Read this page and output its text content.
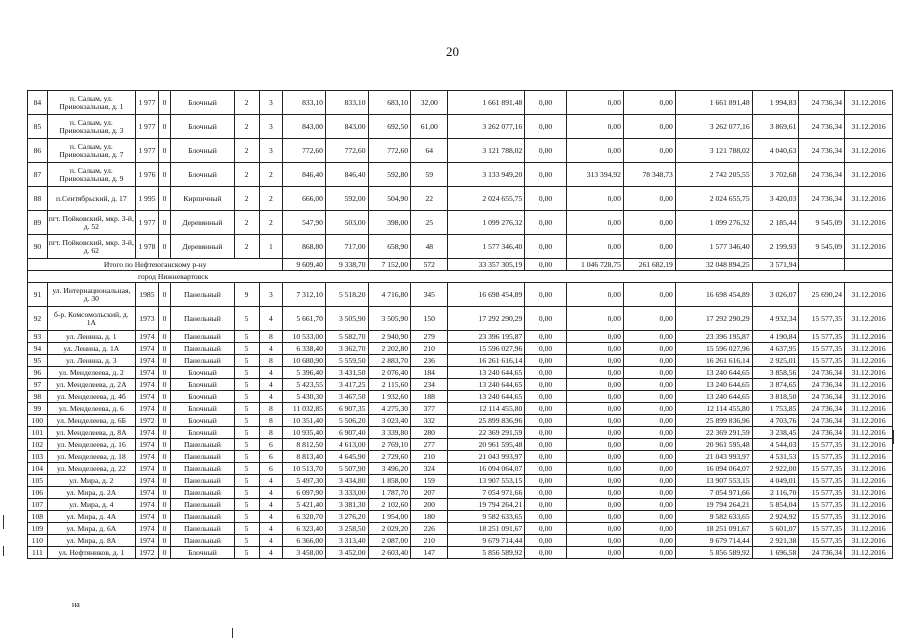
20
84	п. Салым, ул. Привокзальная, д. 1	1 977	0	Блочный	2	3	833,10	833,10	683,10	32,00	1 661 891,48	0,00	0,00	0,00	1 661 891,48	1 994,83	24 736,34	31.12.2016
85	п. Салым, ул. Привокзальная, д. 3	1 977	0	Блочный	2	3	843,00	843,00	692,50	61,00	3 262 077,16	0,00	0,00	0,00	3 262 077,16	3 869,61	24 736,34	31.12.2016
86	п. Салым, ул. Привокзальная, д. 7	1 977	0	Блочный	2	3	772,60	772,60	772,60	64	3 121 788,02	0,00	0,00	0,00	3 121 788,02	4 040,63	24 736,34	31.12.2016
87	п. Салым, ул. Привокзальная, д. 9	1 976	0	Блочный	2	2	846,40	846,40	592,80	59	3 133 949,20	0,00	313 394,92	78 348,73	2 742 205,55	3 702,68	24 736,34	31.12.2016
88	п.Сентябрьский, д. 17	1 995	0	Кирпичный	2	2	666,00	592,00	504,90	22	2 024 655,75	0,00	0,00	0,00	2 024 655,75	3 420,03	24 736,34	31.12.2016
89	пгт. Пойковский, мкр. 3-й, д. 52	1 977	0	Деревянный	2	2	547,90	503,00	398,00	25	1 099 276,32	0,00	0,00	0,00	1 099 276,32	2 185,44	9 545,09	31.12.2016
90	пгт. Пойковский, мкр. 3-й, д. 62	1 978	0	Деревянный	2	1	868,80	717,00	658,90	48	1 577 346,40	0,00	0,00	0,00	1 577 346,40	2 199,93	9 545,09	31.12.2016
Итого по Нефтеюганскому р-ну							9 609,40	9 338,70	7 152,00	572	33 357 305,19	0,00	1 046 728,75	261 682,19	32 048 894,25	3 571,94		
город Нижневартовск																		
91	ул. Интернациональная, д. 30	1985	0	Панельный	9	3	7 312,10	5 518,20	4 716,80	345	16 698 454,89	0,00	0,00	0,00	16 698 454,89	3 026,07	25 690,24	31.12.2016
92	б-р. Комсомольский, д. 1А	1973	0	Панельный	5	4	5 661,70	3 505,90	3 505,90	150	17 292 290,29	0,00	0,00	0,00	17 292 290,29	4 932,34	15 577,35	31.12.2016
93	ул. Ленина, д. 1	1974	0	Панельный	5	8	10 533,00	5 582,70	2 940,90	279	23 396 195,87	0,00	0,00	0,00	23 396 195,87	4 190,84	15 577,35	31.12.2016
94	ул. Ленина, д. 1А	1974	0	Панельный	5	4	6 338,40	3 362,70	2 202,80	210	15 596 027,96	0,00	0,00	0,00	15 596 027,96	4 637,95	15 577,35	31.12.2016
95	ул. Ленина, д. 3	1974	0	Панельный	5	8	10 680,90	5 559,50	2 883,70	236	16 261 616,14	0,00	0,00	0,00	16 261 616,14	2 925,01	15 577,35	31.12.2016
96	ул. Менделеева, д. 2	1974	0	Блочный	5	4	5 396,40	3 431,50	2 076,40	184	13 240 644,65	0,00	0,00	0,00	13 240 644,65	3 858,56	24 736,34	31.12.2016
97	ул. Менделеева, д. 2А	1974	0	Блочный	5	4	5 423,55	3 417,25	2 115,60	234	13 240 644,65	0,00	0,00	0,00	13 240 644,65	3 874,65	24 736,34	31.12.2016
98	ул. Менделеева, д. 4б	1974	0	Блочный	5	4	5 430,30	3 467,50	1 932,60	188	13 240 644,65	0,00	0,00	0,00	13 240 644,65	3 818,50	24 736,34	31.12.2016
99	ул. Менделеева, д. 6	1974	0	Блочный	5	8	11 032,85	6 907,35	4 275,30	377	12 114 455,80	0,00	0,00	0,00	12 114 455,80	1 753,85	24 736,34	31.12.2016
100	ул. Менделеева, д. 6Б	1972	0	Блочный	5	8	10 351,40	5 506,20	3 023,40	332	25 899 836,96	0,00	0,00	0,00	25 899 836,96	4 703,76	24 736,34	31.12.2016
101	ул. Менделеева, д. 8А	1974	0	Блочный	5	8	10 935,40	6 907,40	3 339,80	280	22 369 291,59	0,00	0,00	0,00	22 369 291,59	3 238,45	24 736,34	31.12.2016
102	ул. Менделеева, д. 16	1974	0	Панельный	5	6	8 812,50	4 613,00	2 769,10	277	20 961 595,48	0,00	0,00	0,00	20 961 595,48	4 544,03	15 577,35	31.12.2016
103	ул. Менделеева, д. 18	1974	0	Панельный	5	6	8 813,40	4 645,90	2 729,60	210	21 043 993,97	0,00	0,00	0,00	21 043 993,97	4 531,53	15 577,35	31.12.2016
104	ул. Менделеева, д. 22	1974	0	Панельный	5	6	10 513,70	5 507,90	3 496,20	324	16 094 064,07	0,00	0,00	0,00	16 094 064,07	2 922,00	15 577,35	31.12.2016
105	ул. Мира, д. 2	1974	0	Панельный	5	4	5 497,30	3 434,80	1 858,00	159	13 907 553,15	0,00	0,00	0,00	13 907 553,15	4 049,01	15 577,35	31.12.2016
106	ул. Мира, д. 2А	1974	0	Панельный	5	4	6 097,90	3 333,00	1 787,70	207	7 054 971,66	0,00	0,00	0,00	7 054 971,66	2 116,70	15 577,35	31.12.2016
107	ул. Мира, д. 4	1974	0	Панельный	5	4	5 421,40	3 381,30	2 102,60	200	19 794 264,21	0,00	0,00	0,00	19 794 264,21	5 854,04	15 577,35	31.12.2016
108	ул. Мира, д. 4А	1974	0	Панельный	5	4	6 320,70	3 276,20	1 954,00	180	9 582 633,65	0,00	0,00	0,00	9 582 633,65	2 924,92	15 577,35	31.12.2016
109	ул. Мира, д. 6А	1974	0	Панельный	5	4	6 323,40	3 258,50	2 029,20	226	18 251 091,67	0,00	0,00	0,00	18 251 091,67	5 601,07	15 577,35	31.12.2016
110	ул. Мира, д. 8А	1974	0	Панельный	5	4	6 366,00	3 313,40	2 087,00	210	9 679 714,44	0,00	0,00	0,00	9 679 714,44	2 921,38	15 577,35	31.12.2016
111	ул. Нефтяников, д. 1	1972	0	Блочный	5	4	3 458,00	3 452,00	2 603,40	147	5 856 589,92	0,00	0,00	0,00	5 856 589,92	1 696,58	24 736,34	31.12.2016
на
